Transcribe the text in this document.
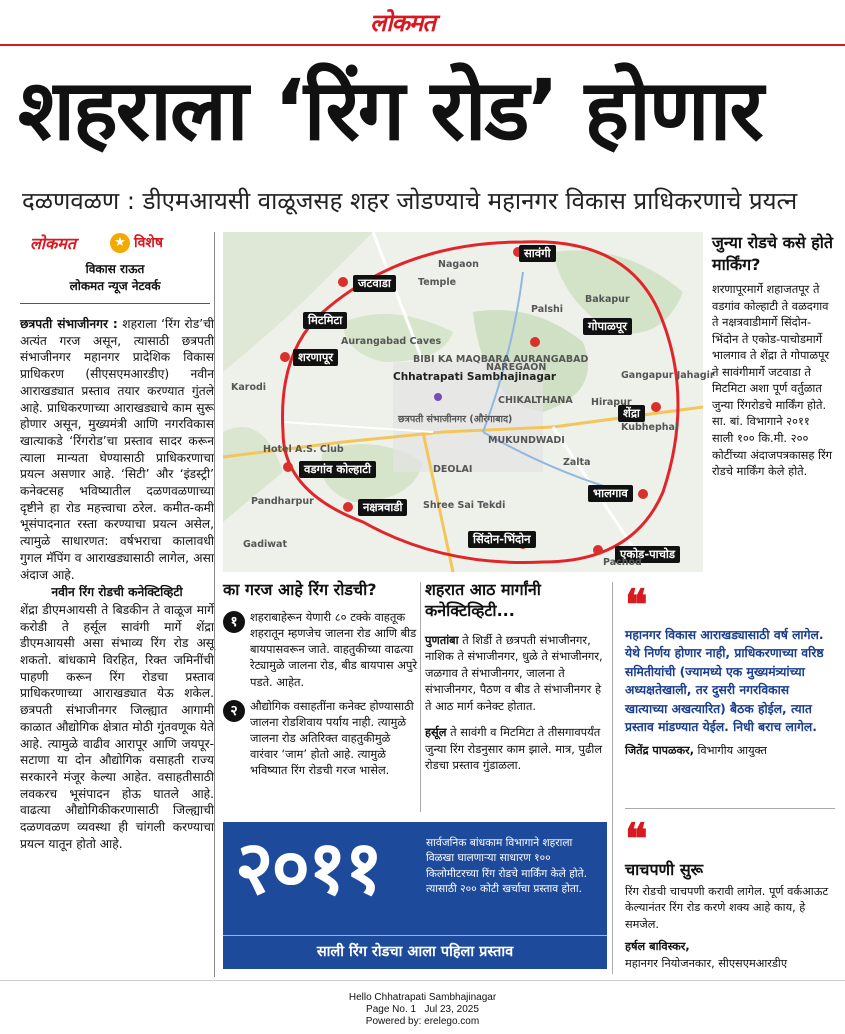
लोकमत
शहराला ‘रिंग रोड’ होणार
दळणवळण : डीएमआयसी वाळूजसह शहर जोडण्याचे महानगर विकास प्राधिकरणाचे प्रयत्न
लोकमत	★ विशेष
विकास राऊत
लोकमत न्यूज नेटवर्क

छत्रपती संभाजीनगर : शहराला ‘रिंग रोड’ची अत्यंत गरज असून, त्यासाठी छत्रपती संभाजीनगर महानगर प्रादेशिक विकास प्राधिकरण (सीएसएमआरडीए) नवीन आराखड्यात प्रस्ताव तयार करण्यात गुंतले आहे. प्राधिकरणाच्या आराखड्याचे काम सुरू होणार असून, मुख्यमंत्री आणि नगरविकास खात्याकडे ‘रिंगरोड’चा प्रस्ताव सादर करून त्याला मान्यता घेण्यासाठी प्राधिकरणाचा प्रयत्न असणार आहे. ‘सिटी’ और ‘इंडस्ट्री’ कनेक्टसह भविष्यातील दळणवळणाच्या दृष्टीने हा रोड महत्त्वाचा ठरेल. कमीत-कमी भूसंपादनात रस्ता करण्याचा प्रयत्न असेल, त्यामुळे साधारणत: वर्षभराचा कालावधी गुगल मॅपिंग व आराखड्यासाठी लागेल, असा अंदाज आहे.

नवीन रिंग रोडची कनेक्टिव्हिटी

शेंद्रा डीएमआयसी ते बिडकीन ते वाळूज मार्गे करोडी ते हर्सूल सावंगी मार्गे शेंद्रा डीएमआयसी असा संभाव्य रिंग रोड असू शकतो. बांधकामे विरहित, रिक्त जमिनींची पाहणी करून रिंग रोडचा प्रस्ताव प्राधिकरणाच्या आराखड्यात येऊ शकेल. छत्रपती संभाजीनगर जिल्ह्यात आगामी काळात औद्योगिक क्षेत्रात मोठी गुंतवणूक येते आहे. त्यामुळे वाढीव आरापूर आणि जयपूर- सटाणा या दोन औद्योगिक वसाहती राज्य सरकारने मंजूर केल्या आहेत. वसाहतीसाठी लवकरच भूसंपादन होऊ घातले आहे. वाढत्या औद्योगिकीकरणासाठी जिल्ह्याची दळणवळण व्यवस्था ही चांगली करण्याचा प्रयत्न यातून होतो आहे.

सावंगी
जटवाडा
मिटमिटा
शरणापूर
गोपाळपूर
शेंद्रा
वडगांव कोल्हाटी
भालगाव
नक्षत्रवाडी
सिंदोन-भिंदोन
एकोड-पाचोड
Nagaon
Temple
Bakapur
Palshi
Aurangabad Caves
BIBI KA MAQBARA AURANGABAD
Chhatrapati Sambhajinagar
छत्रपती संभाजीनगर (औरंगाबाद)
NAREGAON
CHIKALTHANA
MUKUNDWADI
DEOLAI
Zalta
Hirapur
Kubhephal
Karodi
Pandharpur	Shree Sai Tekdi
Gangapur Jahagir
Pachod
Hotel A.S. Club
Gadiwat
जुन्या रोडचे कसे होते मार्किंग?

शरणापूरमार्गे शहाजतपूर ते वडगांव कोल्हाटी ते वळदगाव ते नक्षत्रवाडीमार्गे सिंदोन-भिंदोन ते एकोड-पाचोडमार्गे भालगाव ते शेंद्रा ते गोपाळपूर ते सावंगीमार्गे जटवाडा ते मिटमिटा अशा पूर्ण वर्तुळात जुन्या रिंगरोडचे मार्किंग होते. सा. बां. विभागाने २०११ साली १०० कि.मी. २०० कोटींच्या अंदाजपत्रकासह रिंग रोडचे मार्किंग केले होते.

का गरज आहे रिंग रोडची?
१	शहराबाहेरून येणारी ८० टक्के वाहतूक शहरातून म्हणजेच जालना रोड आणि बीड बायपासवरून जाते. वाहतुकीच्या वाढत्या रेट्यामुळे जालना रोड, बीड बायपास अपुरे पडते. आहेत.
२	औद्योगिक वसाहतींना कनेक्ट होण्यासाठी जालना रोडशिवाय पर्याय नाही. त्यामुळे जालना रोड अतिरिक्त वाहतुकीमुळे वारंवार ‘जाम’ होतो आहे. त्यामुळे भविष्यात रिंग रोडची गरज भासेल.
शहरात आठ मार्गांनी कनेक्टिव्हिटी...

पुणतांबा ते शिर्डी ते छत्रपती संभाजीनगर, नाशिक ते संभाजीनगर, धुळे ते संभाजीनगर, जळगाव ते संभाजीनगर, जालना ते संभाजीनगर, पैठण व बीड ते संभाजीनगर हे ते आठ मार्ग कनेक्ट होतात.

हर्सूल ते सावंगी व मिटमिटा ते तीसगावपर्यंत जुन्या रिंग रोडनुसार काम झाले. मात्र, पुढील रोडचा प्रस्ताव गुंडाळला.

❝
महानगर विकास आराखड्यासाठी वर्ष लागेल. येथे निर्णय होणार नाही, प्राधिकरणाच्या वरिष्ठ समितीयांची (ज्यामध्ये एक मुख्यमंत्र्यांच्या अध्यक्षतेखाली, तर दुसरी नगरविकास खात्याच्या अखत्यारित) बैठक होईल, त्यात प्रस्ताव मांडण्यात येईल. निधी बराच लागेल.
जितेंद्र पापळकर, विभागीय आयुक्त
❝
चाचपणी सुरू

रिंग रोडची चाचपणी करावी लागेल. पूर्ण वर्कआऊट केल्यानंतर रिंग रोड करणे शक्य आहे काय, हे समजेल.

हर्षल बाविस्कर,
महानगर नियोजनकार, सीएसएमआरडीए

२०११	सार्वजनिक बांधकाम विभागाने शहराला विळखा घालणाऱ्या साधारण १०० किलोमीटरच्या रिंग रोडचे मार्किंग केले होते. त्यासाठी २०० कोटी खर्चाचा प्रस्ताव होता.
साली रिंग रोडचा आला पहिला प्रस्ताव
Hello Chhatrapati Sambhajinagar
Page No. 1 Jul 23, 2025
Powered by: erelego.com
